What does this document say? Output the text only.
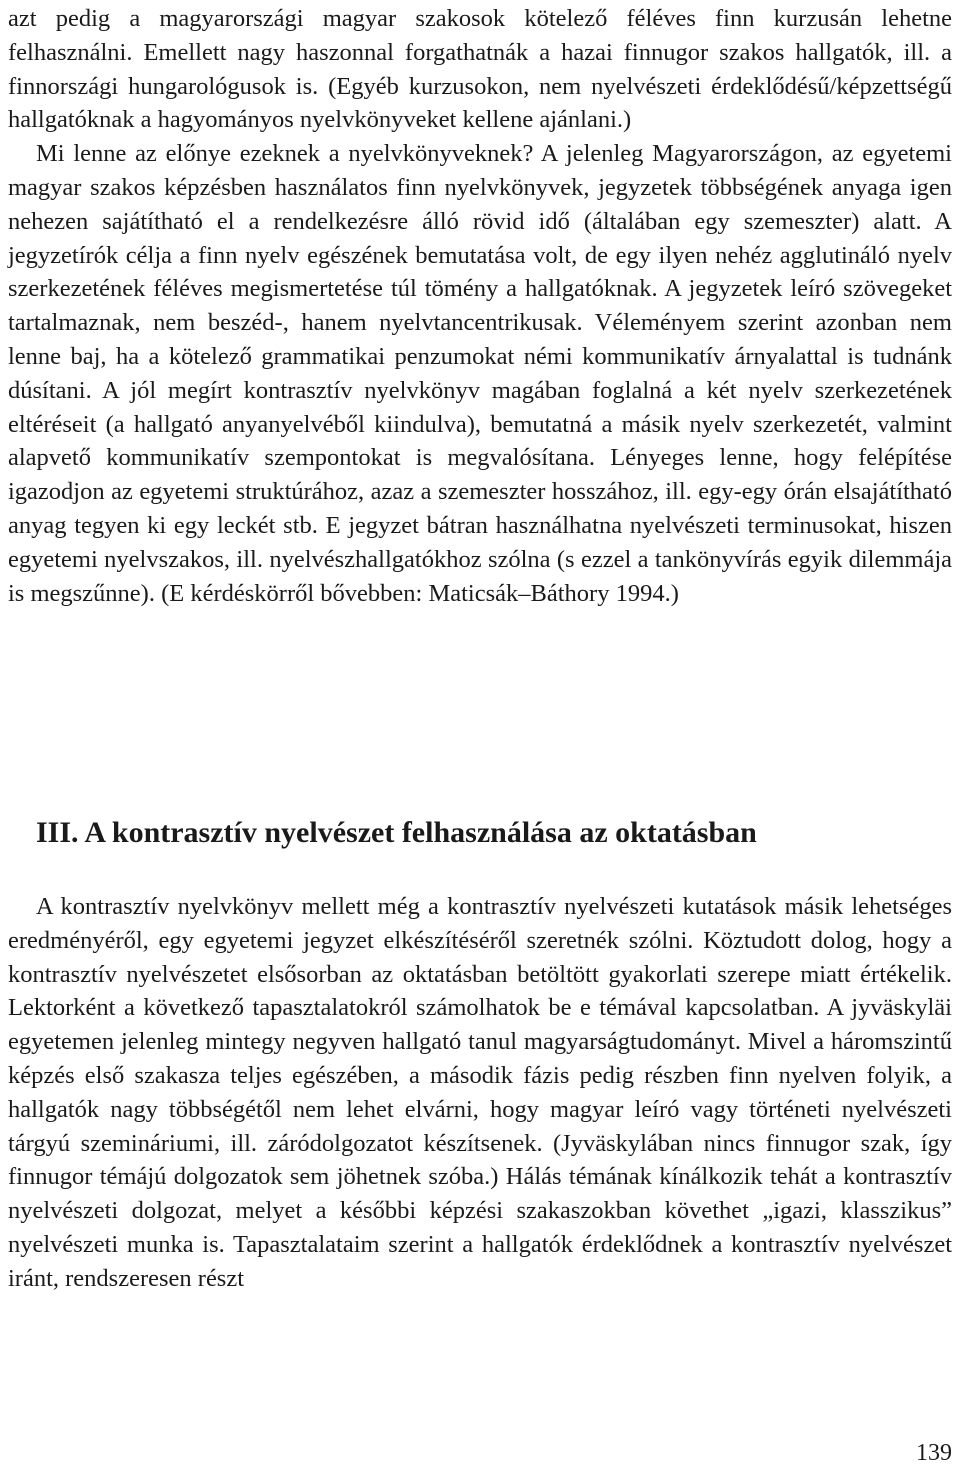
azt pedig a magyarországi magyar szakosok kötelező féléves finn kurzusán lehetne felhasználni. Emellett nagy haszonnal forgathatnák a hazai finnugor szakos hallgatók, ill. a finnországi hungarológusok is. (Egyéb kurzusokon, nem nyelvészeti érdeklődésű/képzettségű hallgatóknak a hagyományos nyelvkönyveket kellene ajánlani.)

Mi lenne az előnye ezeknek a nyelvkönyveknek? A jelenleg Magyarországon, az egyetemi magyar szakos képzésben használatos finn nyelvkönyvek, jegyzetek többségének anyaga igen nehezen sajátítható el a rendelkezésre álló rövid idő (általában egy szemeszter) alatt. A jegyzetírók célja a finn nyelv egészének bemutatása volt, de egy ilyen nehéz agglutináló nyelv szerkezetének féléves megismertetése túl tömény a hallgatóknak. A jegyzetek leíró szövegeket tartalmaznak, nem beszéd-, hanem nyelvtancentrikusak. Véleményem szerint azonban nem lenne baj, ha a kötelező grammatikai penzumokat némi kommunikatív árnyalattal is tudnánk dúsítani. A jól megírt kontrasztív nyelvkönyv magában foglalná a két nyelv szerkezetének eltéréseit (a hallgató anyanyelvéből kiindulva), bemutatná a másik nyelv szerkezetét, valmint alapvető kommunikatív szempontokat is megvalósítana. Lényeges lenne, hogy felépítése igazodjon az egyetemi struktúrához, azaz a szemeszter hosszához, ill. egy-egy órán elsajátítható anyag tegyen ki egy leckét stb. E jegyzet bátran használhatna nyelvészeti terminusokat, hiszen egyetemi nyelvszakos, ill. nyelvészhallgatókhoz szólna (s ezzel a tankönyvírás egyik dilemmája is megszűnne). (E kérdéskörről bővebben: Maticsák–Báthory 1994.)

III. A kontrasztív nyelvészet felhasználása az oktatásban

A kontrasztív nyelvkönyv mellett még a kontrasztív nyelvészeti kutatások másik lehetséges eredményéről, egy egyetemi jegyzet elkészítéséről szeretnék szólni. Köztudott dolog, hogy a kontrasztív nyelvészetet elsősorban az oktatásban betöltött gyakorlati szerepe miatt értékelik. Lektorként a következő tapasztalatokról számolhatok be e témával kapcsolatban. A jyväskyläi egyetemen jelenleg mintegy negyven hallgató tanul magyarságtudományt. Mivel a háromszintű képzés első szakasza teljes egészében, a második fázis pedig részben finn nyelven folyik, a hallgatók nagy többségétől nem lehet elvárni, hogy magyar leíró vagy történeti nyelvészeti tárgyú szemináriumi, ill. záródolgozatot készítsenek. (Jyväskylában nincs finnugor szak, így finnugor témájú dolgozatok sem jöhetnek szóba.) Hálás témának kínálkozik tehát a kontrasztív nyelvészeti dolgozat, melyet a későbbi képzési szakaszokban követhet „igazi, klasszikus” nyelvészeti munka is. Tapasztalataim szerint a hallgatók érdeklődnek a kontrasztív nyelvészet iránt, rendszeresen részt

139
